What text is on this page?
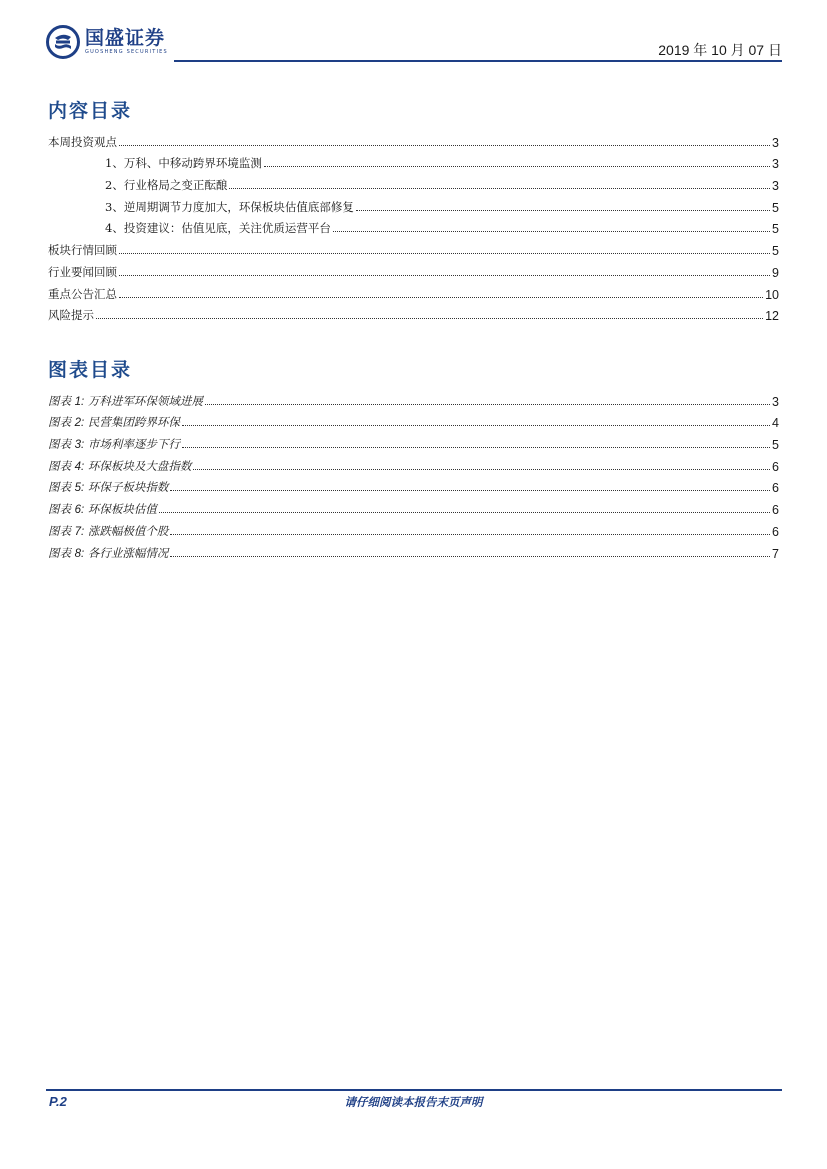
国盛证券
GUOSHENG SECURITIES	2019 年 10 月 07 日
内容目录
本周投资观点	3
1、万科、中移动跨界环境监测	3
2、行业格局之变正酝酿	3
3、逆周期调节力度加大，环保板块估值底部修复	5
4、投资建议：估值见底，关注优质运营平台	5
板块行情回顾	5
行业要闻回顾	9
重点公告汇总	10
风险提示	12
图表目录
图表 1: 万科进军环保领域进展	3
图表 2: 民营集团跨界环保	4
图表 3: 市场利率逐步下行	5
图表 4: 环保板块及大盘指数	6
图表 5: 环保子板块指数	6
图表 6: 环保板块估值	6
图表 7: 涨跌幅极值个股	6
图表 8: 各行业涨幅情况	7
P.2	请仔细阅读本报告末页声明
